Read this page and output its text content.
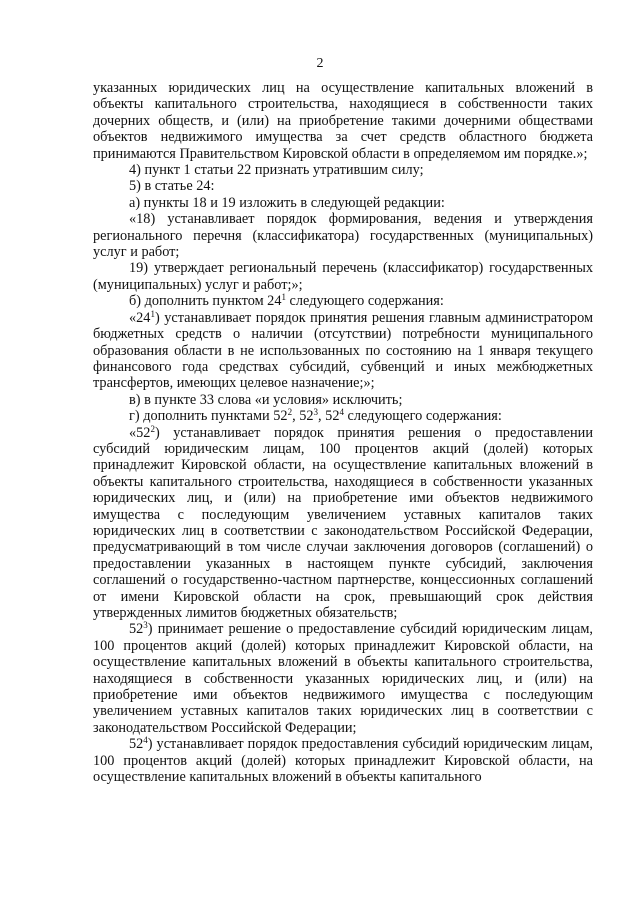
2

указанных юридических лиц на осуществление капитальных вложений в объекты капитального строительства, находящиеся в собственности таких дочерних обществ, и (или) на приобретение такими дочерними обществами объектов недвижимого имущества за счет средств областного бюджета принимаются Правительством Кировской области в определяемом им порядке.»;

4) пункт 1 статьи 22 признать утратившим силу;

5) в статье 24:

а) пункты 18 и 19 изложить в следующей редакции:

«18) устанавливает порядок формирования, ведения и утверждения регионального перечня (классификатора) государственных (муниципальных) услуг и работ;

19) утверждает региональный перечень (классификатор) государственных (муниципальных) услуг и работ;»;

б) дополнить пунктом $24^1$ следующего содержания:

«$24^1$) устанавливает порядок принятия решения главным администратором бюджетных средств о наличии (отсутствии) потребности муниципального образования области в не использованных по состоянию на 1 января текущего финансового года средствах субсидий, субвенций и иных межбюджетных трансфертов, имеющих целевое назначение;»;

в) в пункте 33 слова «и условия» исключить;

г) дополнить пунктами $52^2$, $52^3$, $52^4$ следующего содержания:

«$52^2$) устанавливает порядок принятия решения о предоставлении субсидий юридическим лицам, 100 процентов акций (долей) которых принадлежит Кировской области, на осуществление капитальных вложений в объекты капитального строительства, находящиеся в собственности указанных юридических лиц, и (или) на приобретение ими объектов недвижимого имущества с последующим увеличением уставных капиталов таких юридических лиц в соответствии с законодательством Российской Федерации, предусматривающий в том числе случаи заключения договоров (соглашений) о предоставлении указанных в настоящем пункте субсидий, заключения соглашений о государственно-частном партнерстве, концессионных соглашений от имени Кировской области на срок, превышающий срок действия утвержденных лимитов бюджетных обязательств;

$52^3$) принимает решение о предоставление субсидий юридическим лицам, 100 процентов акций (долей) которых принадлежит Кировской области, на осуществление капитальных вложений в объекты капитального строительства, находящиеся в собственности указанных юридических лиц, и (или) на приобретение ими объектов недвижимого имущества с последующим увеличением уставных капиталов таких юридических лиц в соответствии с законодательством Российской Федерации;

$52^4$) устанавливает порядок предоставления субсидий юридическим лицам, 100 процентов акций (долей) которых принадлежит Кировской области, на осуществление капитальных вложений в объекты капитального
